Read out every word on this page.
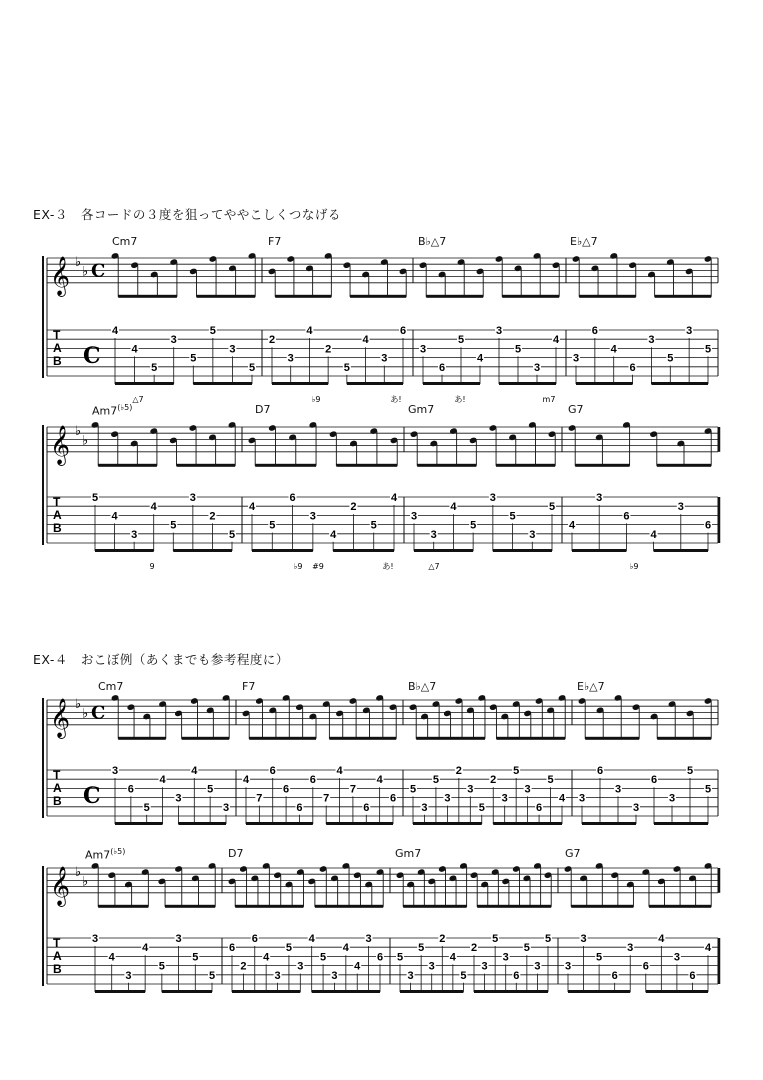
EX-３　各コードの３度を狙ってややこしくつなげる
EX-４　おこぼ例（あくまでも参考程度に）
Cm7	F7	B♭△7	E♭△7
$Am7^{(♭5)}$	D7	Gm7	G7
Cm7	F7	B♭△7	E♭△7
$Am7^{(♭5)}$	D7	Gm7	G7
𝄞 ♭
♭ C
C
T
A
B
4
4
5
3
5
5
3
5
2
3
4
2
5
4
3
6
3
6
5
4
3
5
3
4
3
6
4
6
3
5
3
5
𝄞 ♭
♭
T
A
B
5
4
3
4
5
3
2
5
4
5
6
3
4
2
5
4
3
3
4
5
3
5
3
5
4
3
6
4
3
6
𝄞 ♭
♭ C
C
T
A
B
3
6
5
4
3
4
5
3
4
7
6
6
6
6
7
4
7
6
4
6
5
3
5
3
2
3
5
2
3
5
3
6
5
4 3
6
3
3
6
3
5
5
𝄞 ♭
♭
T
A
B
3
4
3
4
5
3
5
5
6
2
6
4
3
5
3
4
5
3
4
4
3
6 5
3
5
3
2
4
5
2
3
5
3
6
5
3
5
3
3
5
6
3
6
4
3
6
4
△7	♭9	あ!	あ!	m7
9	♭9 #9	あ!	△7	♭9
